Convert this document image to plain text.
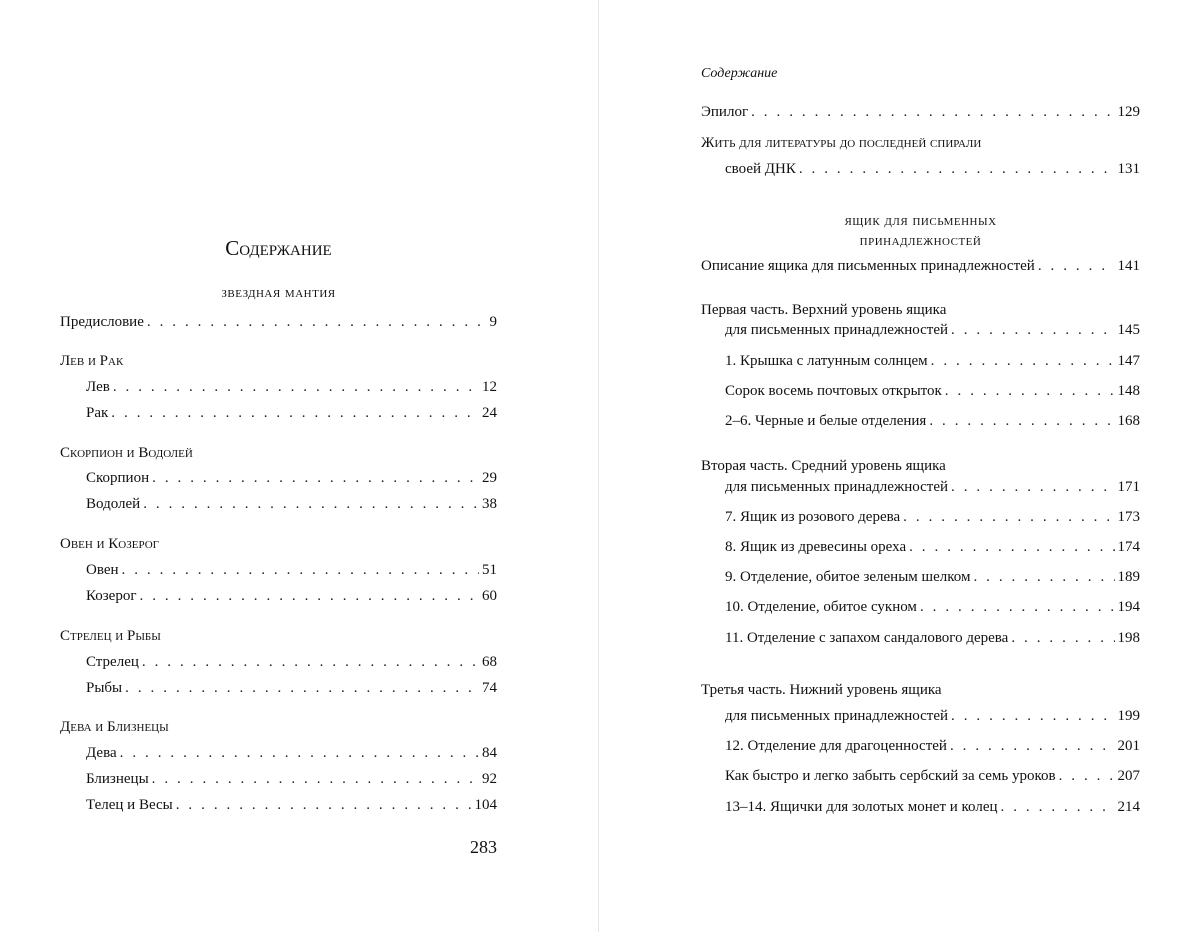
Содержание
звездная мантия
Предисловие . . .	9
Лев и Рак
Лев . . .	12
Рак . . .	24
Скорпион и Водолей
Скорпион . . .	29
Водолей . . .	38
Овен и Козерог
Овен . . .	51
Козерог . . .	60
Стрелец и Рыбы
Стрелец . . .	68
Рыбы . . .	74
Дева и Близнецы
Дева . . .	84
Близнецы . . .	92
Телец и Весы . . .	104
283
Содержание
Эпилог . . .	129
Жить для литературы до последней спирали
своей ДНК . . .	131
ящик для письменных
принадлежностей
Описание ящика для письменных принадлежностей . . .	141
Первая часть. Верхний уровень ящика
для письменных принадлежностей . . .	145
1. Крышка с латунным солнцем . . .	147
Сорок восемь почтовых открыток . . .	148
2–6. Черные и белые отделения . . .	168
Вторая часть. Средний уровень ящика
для письменных принадлежностей . . .	171
7. Ящик из розового дерева . . .	173
8. Ящик из древесины ореха . . .	174
9. Отделение, обитое зеленым шелком . . .	189
10. Отделение, обитое сукном . . .	194
11. Отделение с запахом сандалового дерева . . .	198
Третья часть. Нижний уровень ящика
для письменных принадлежностей . . .	199
12. Отделение для драгоценностей . . .	201
Как быстро и легко забыть сербский за семь уроков . . .	207
13–14. Ящички для золотых монет и колец . . .	214
